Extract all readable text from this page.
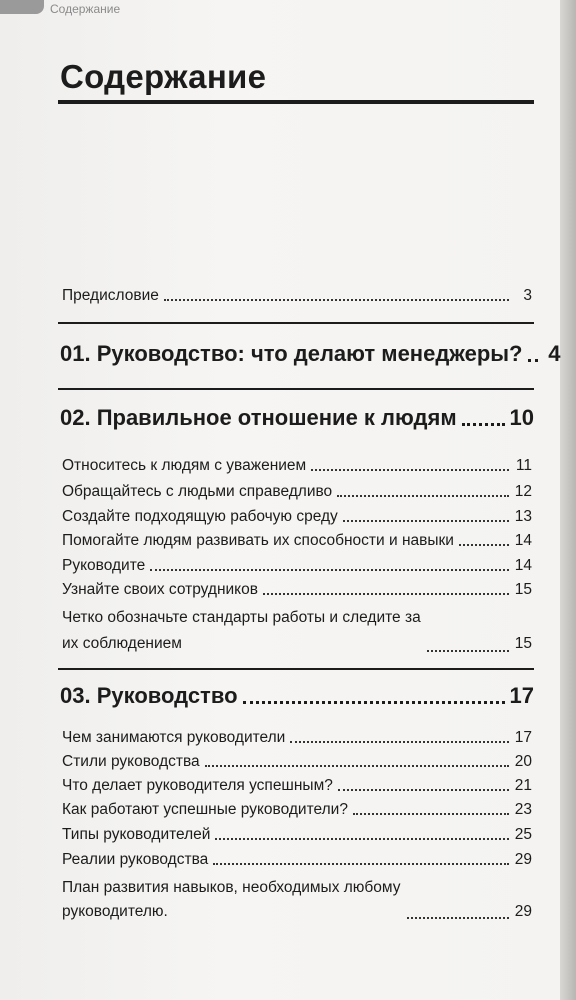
Содержание
Содержание
Предисловие	3
01. Руководство: что делают менеджеры? 4
02. Правильное отношение к людям 10
Относитесь к людям с уважением	11
Обращайтесь с людьми справедливо	12
Создайте подходящую рабочую среду	13
Помогайте людям развивать их способности и навыки	14
Руководите	14
Узнайте своих сотрудников	15
Четко обозначьте стандарты работы и следите за их соблюдением	15
03. Руководство	17
Чем занимаются руководители	17
Стили руководства	20
Что делает руководителя успешным?	21
Как работают успешные руководители?	23
Типы руководителей	25
Реалии руководства	29
План развития навыков, необходимых любому руководителю.	29
